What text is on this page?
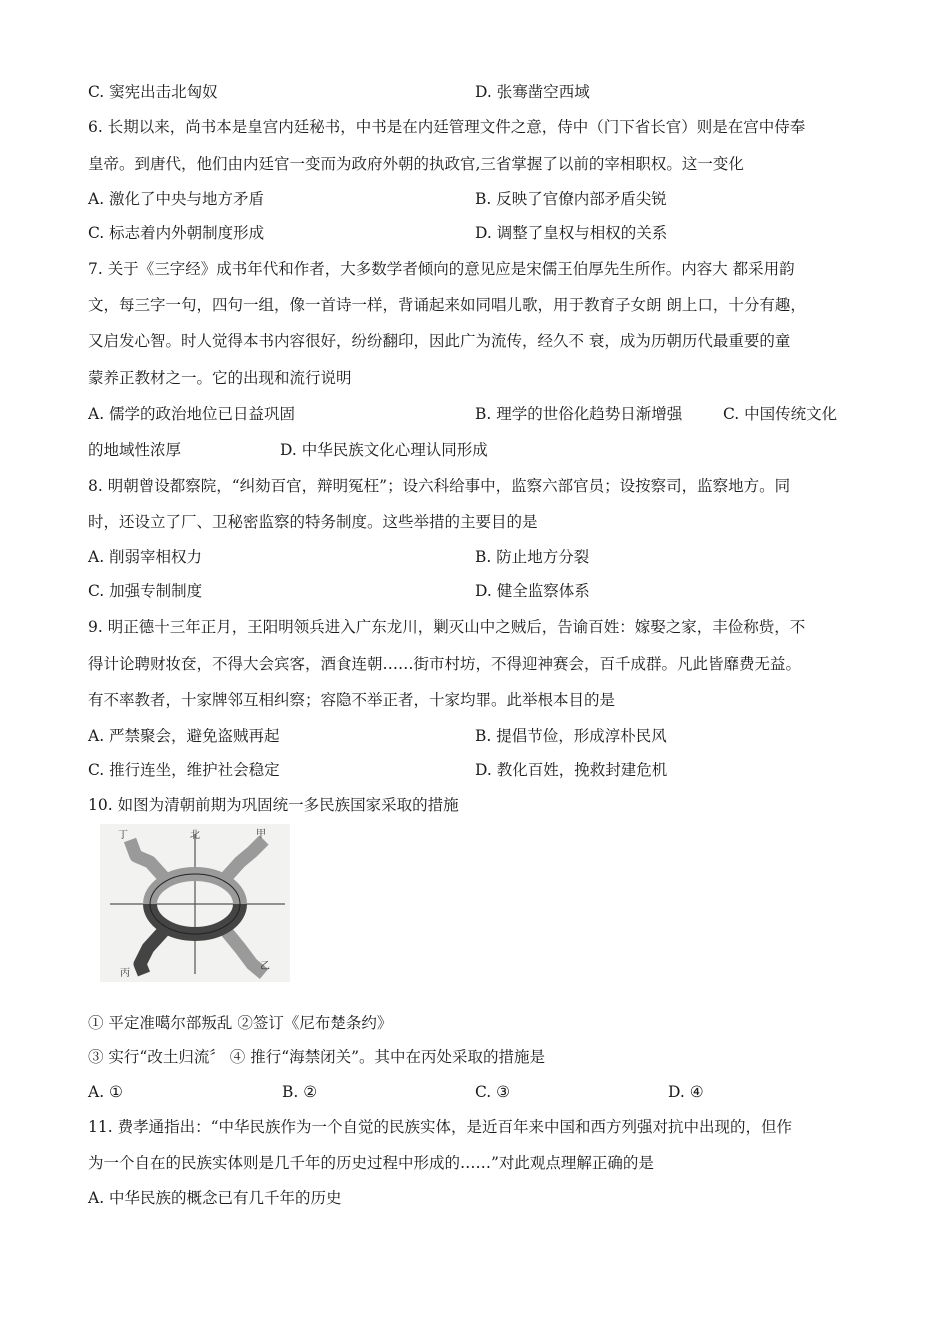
C. 窦宪出击北匈奴	D. 张骞凿空西域
6. 长期以来，尚书本是皇宫内廷秘书，中书是在内廷管理文件之意，侍中（门下省长官）则是在宫中侍奉
皇帝。到唐代，他们由内廷官一变而为政府外朝的执政官,三省掌握了以前的宰相职权。这一变化
A. 激化了中央与地方矛盾	B. 反映了官僚内部矛盾尖锐
C. 标志着内外朝制度形成	D. 调整了皇权与相权的关系
7. 关于《三字经》成书年代和作者，大多数学者倾向的意见应是宋儒王伯厚先生所作。内容大 都采用韵
文，每三字一句，四句一组，像一首诗一样，背诵起来如同唱儿歌，用于教育子女朗 朗上口，十分有趣，
又启发心智。时人觉得本书内容很好，纷纷翻印，因此广为流传，经久不 衰，成为历朝历代最重要的童
蒙养正教材之一。它的出现和流行说明
A. 儒学的政治地位已日益巩固	B. 理学的世俗化趋势日渐增强	C. 中国传统文化
的地域性浓厚	D. 中华民族文化心理认同形成
8. 明朝曾设都察院，“纠劾百官，辩明冤枉”；设六科给事中，监察六部官员；设按察司，监察地方。同
时，还设立了厂、卫秘密监察的特务制度。这些举措的主要目的是
A. 削弱宰相权力	B. 防止地方分裂
C. 加强专制制度	D. 健全监察体系
9. 明正德十三年正月，王阳明领兵进入广东龙川，剿灭山中之贼后，告谕百姓：嫁娶之家，丰俭称赀，不
得计论聘财妆奁，不得大会宾客，酒食连朝……街市村坊，不得迎神赛会，百千成群。凡此皆靡费无益。
有不率教者，十家牌邻互相纠察；容隐不举正者，十家均罪。此举根本目的是
A. 严禁聚会，避免盗贼再起	B. 提倡节俭，形成淳朴民风
C. 推行连坐，维护社会稳定	D. 教化百姓，挽救封建危机
10. 如图为清朝前期为巩固统一多民族国家采取的措施
北
丁	甲
丙
乙
① 平定准噶尔部叛乱 ②签订《尼布楚条约》
③ 实行“改土归流〞 ④ 推行“海禁闭关”。其中在丙处采取的措施是
A. ①	B. ②	C. ③	D. ④
11. 费孝通指出：“中华民族作为一个自觉的民族实体，是近百年来中国和西方列强对抗中出现的，但作
为一个自在的民族实体则是几千年的历史过程中形成的……”对此观点理解正确的是
A. 中华民族的概念已有几千年的历史
